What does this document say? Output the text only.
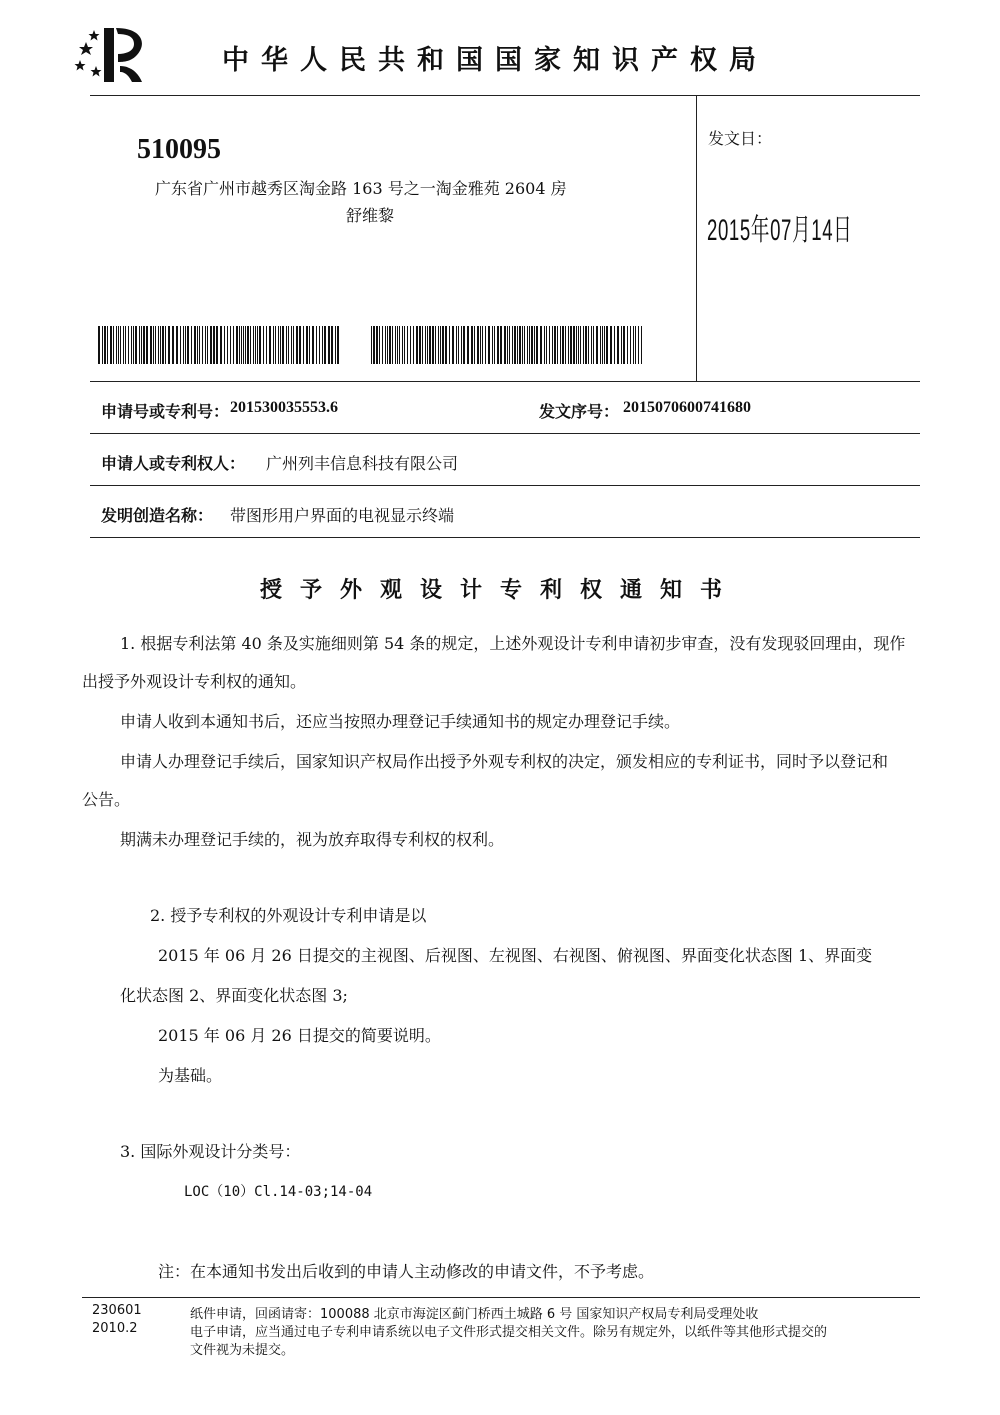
中华人民共和国国家知识产权局
510095
广东省广州市越秀区淘金路 163 号之一淘金雅苑 2604 房
舒维黎
发文日：
2015年07月14日
申请号或专利号： 201530035553.6	发文序号： 2015070600741680
申请人或专利权人： 广州列丰信息科技有限公司
发明创造名称： 带图形用户界面的电视显示终端
授予外观设计专利权通知书
1. 根据专利法第 40 条及实施细则第 54 条的规定，上述外观设计专利申请初步审查，没有发现驳回理由，现作
出授予外观设计专利权的通知。
申请人收到本通知书后，还应当按照办理登记手续通知书的规定办理登记手续。
申请人办理登记手续后，国家知识产权局作出授予外观专利权的决定，颁发相应的专利证书，同时予以登记和
公告。
期满未办理登记手续的，视为放弃取得专利权的权利。
2. 授予专利权的外观设计专利申请是以
2015 年 06 月 26 日提交的主视图、后视图、左视图、右视图、俯视图、界面变化状态图 1、界面变
化状态图 2、界面变化状态图 3;
2015 年 06 月 26 日提交的简要说明。
为基础。
3. 国际外观设计分类号：
LOC（10）Cl.14-03;14-04
注：在本通知书发出后收到的申请人主动修改的申请文件，不予考虑。
230601
2010.2
纸件申请，回函请寄：100088 北京市海淀区蓟门桥西土城路 6 号 国家知识产权局专利局受理处收
电子申请，应当通过电子专利申请系统以电子文件形式提交相关文件。除另有规定外，以纸件等其他形式提交的
文件视为未提交。
